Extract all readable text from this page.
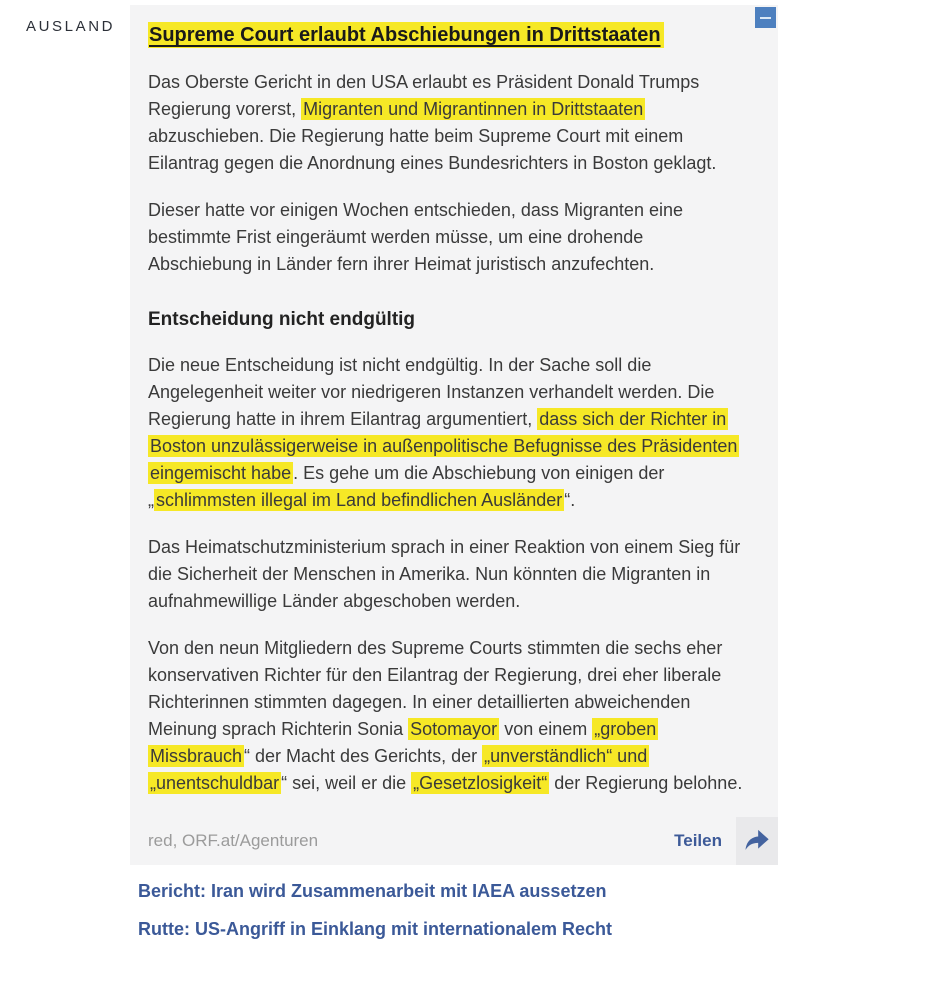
AUSLAND Supreme Court erlaubt Abschiebungen in Drittstaaten

Das Oberste Gericht in den USA erlaubt es Präsident Donald Trumps Regierung vorerst, Migranten und Migrantinnen in Drittstaaten abzuschieben. Die Regierung hatte beim Supreme Court mit einem Eilantrag gegen die Anordnung eines Bundesrichters in Boston geklagt.

Dieser hatte vor einigen Wochen entschieden, dass Migranten eine bestimmte Frist eingeräumt werden müsse, um eine drohende Abschiebung in Länder fern ihrer Heimat juristisch anzufechten.

Entscheidung nicht endgültig

Die neue Entscheidung ist nicht endgültig. In der Sache soll die Angelegenheit weiter vor niedrigeren Instanzen verhandelt werden. Die Regierung hatte in ihrem Eilantrag argumentiert, dass sich der Richter in Boston unzulässigerweise in außenpolitische Befugnisse des Präsidenten eingemischt habe . Es gehe um die Abschiebung von einigen der „ schlimmsten illegal im Land befindlichen Ausländer “.

Das Heimatschutzministerium sprach in einer Reaktion von einem Sieg für die Sicherheit der Menschen in Amerika. Nun könnten die Migranten in aufnahmewillige Länder abgeschoben werden.

Von den neun Mitgliedern des Supreme Courts stimmten die sechs eher konservativen Richter für den Eilantrag der Regierung, drei eher liberale Richterinnen stimmten dagegen. In einer detaillierten abweichenden Meinung sprach Richterin Sonia Sotomayor von einem „groben Missbrauch “ der Macht des Gerichts, der „unverständlich“ und „unentschuldbar “ sei, weil er die „Gesetzlosigkeit“ der Regierung belohne.

red, ORF.at/Agenturen	Teilen
Bericht: Iran wird Zusammenarbeit mit IAEA aussetzen
Rutte: US-Angriff in Einklang mit internationalem Recht
